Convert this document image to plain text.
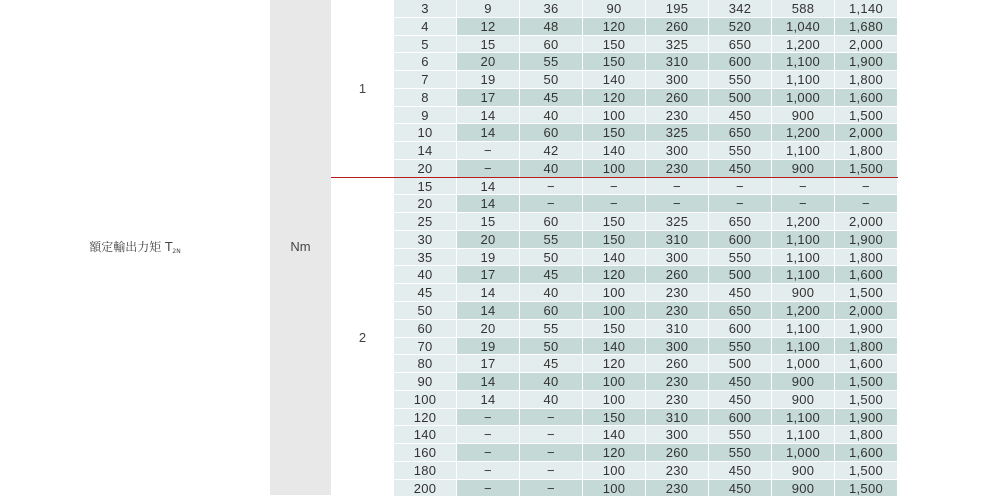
額定輸出力矩 $T_{2N}$	Nm
1
2
3	9	36	90	195	342	588	1,140
4	12	48	120	260	520	1,040	1,680
5	15	60	150	325	650	1,200	2,000
6	20	55	150	310	600	1,100	1,900
7	19	50	140	300	550	1,100	1,800
8	17	45	120	260	500	1,000	1,600
9	14	40	100	230	450	900	1,500
10	14	60	150	325	650	1,200	2,000
14	−	42	140	300	550	1,100	1,800
20	−	40	100	230	450	900	1,500
15	14	−	−	−	−	−	−
20	14	−	−	−	−	−	−
25	15	60	150	325	650	1,200	2,000
30	20	55	150	310	600	1,100	1,900
35	19	50	140	300	550	1,100	1,800
40	17	45	120	260	500	1,100	1,600
45	14	40	100	230	450	900	1,500
50	14	60	100	230	650	1,200	2,000
60	20	55	150	310	600	1,100	1,900
70	19	50	140	300	550	1,100	1,800
80	17	45	120	260	500	1,000	1,600
90	14	40	100	230	450	900	1,500
100	14	40	100	230	450	900	1,500
120	−	−	150	310	600	1,100	1,900
140	−	−	140	300	550	1,100	1,800
160	−	−	120	260	550	1,000	1,600
180	−	−	100	230	450	900	1,500
200	−	−	100	230	450	900	1,500
